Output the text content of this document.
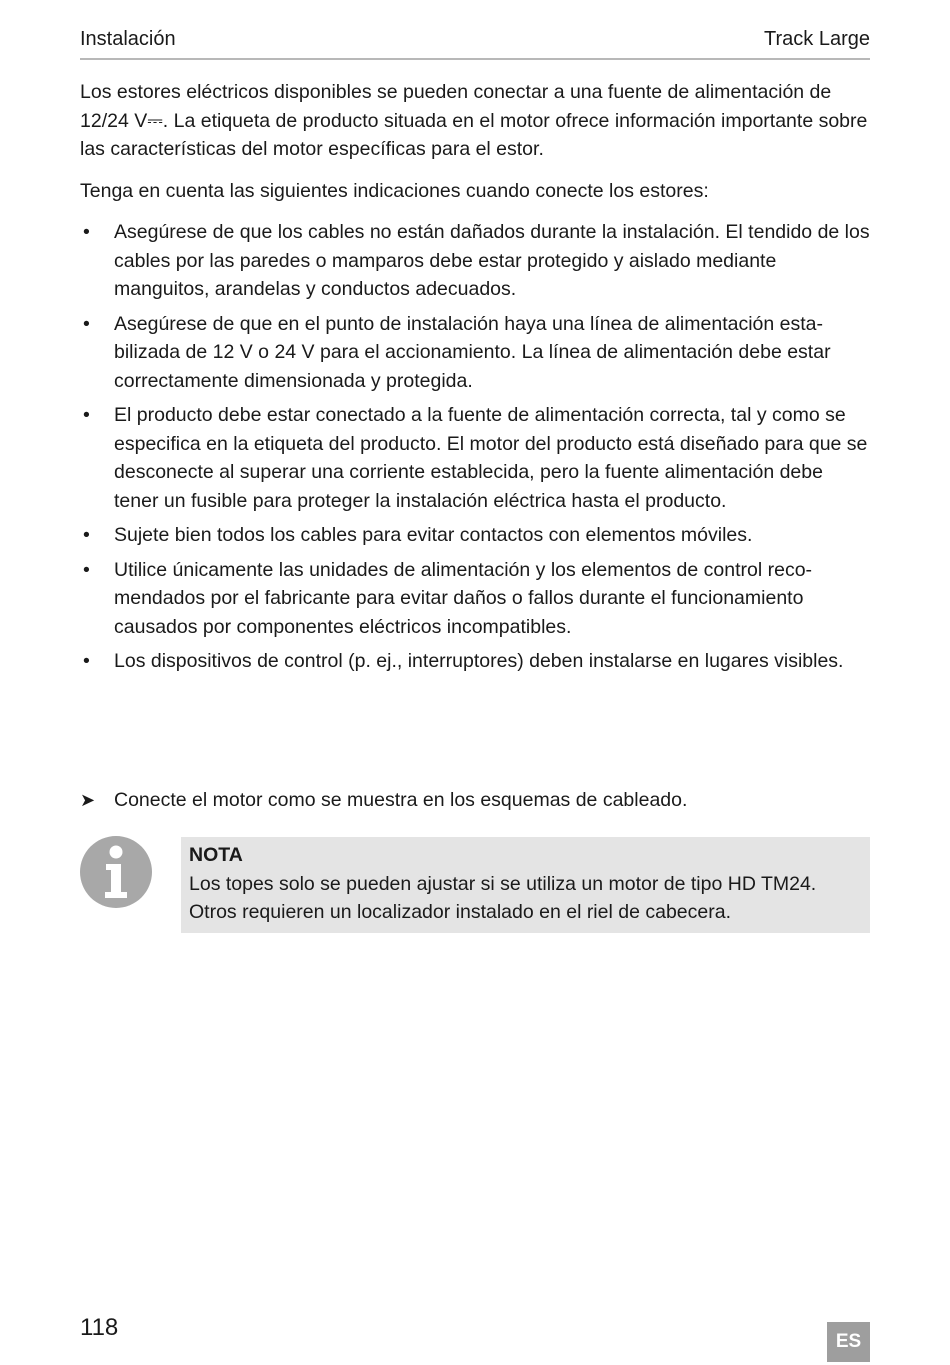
Instalación	Track Large

Los estores eléctricos disponibles se pueden conectar a una fuente de alimentación de 12/24 V⎓. La etiqueta de producto situada en el motor ofrece información importante sobre las características del motor específicas para el estor.

Tenga en cuenta las siguientes indicaciones cuando conecte los estores:

•	Asegúrese de que los cables no están dañados durante la instalación. El tendido de los cables por las paredes o mamparos debe estar protegido y aislado mediante manguitos, arandelas y conductos adecuados.
•	Asegúrese de que en el punto de instalación haya una línea de alimentación estabilizada de 12 V o 24 V para el accionamiento. La línea de alimentación debe estar correctamente dimensionada y protegida.
•	El producto debe estar conectado a la fuente de alimentación correcta, tal y como se especifica en la etiqueta del producto. El motor del producto está diseñado para que se desconecte al superar una corriente establecida, pero la fuente alimentación debe tener un fusible para proteger la instalación eléctrica hasta el producto.
•	Sujete bien todos los cables para evitar contactos con elementos móviles.
•	Utilice únicamente las unidades de alimentación y los elementos de control recomendados por el fabricante para evitar daños o fallos durante el funcionamiento causados por componentes eléctricos incompatibles.
•	Los dispositivos de control (p. ej., interruptores) deben instalarse en lugares visibles.
➤ Conecte el motor como se muestra en los esquemas de cableado.
NOTA
Los topes solo se pueden ajustar si se utiliza un motor de tipo HD TM24. Otros requieren un localizador instalado en el riel de cabecera.
118
ES
